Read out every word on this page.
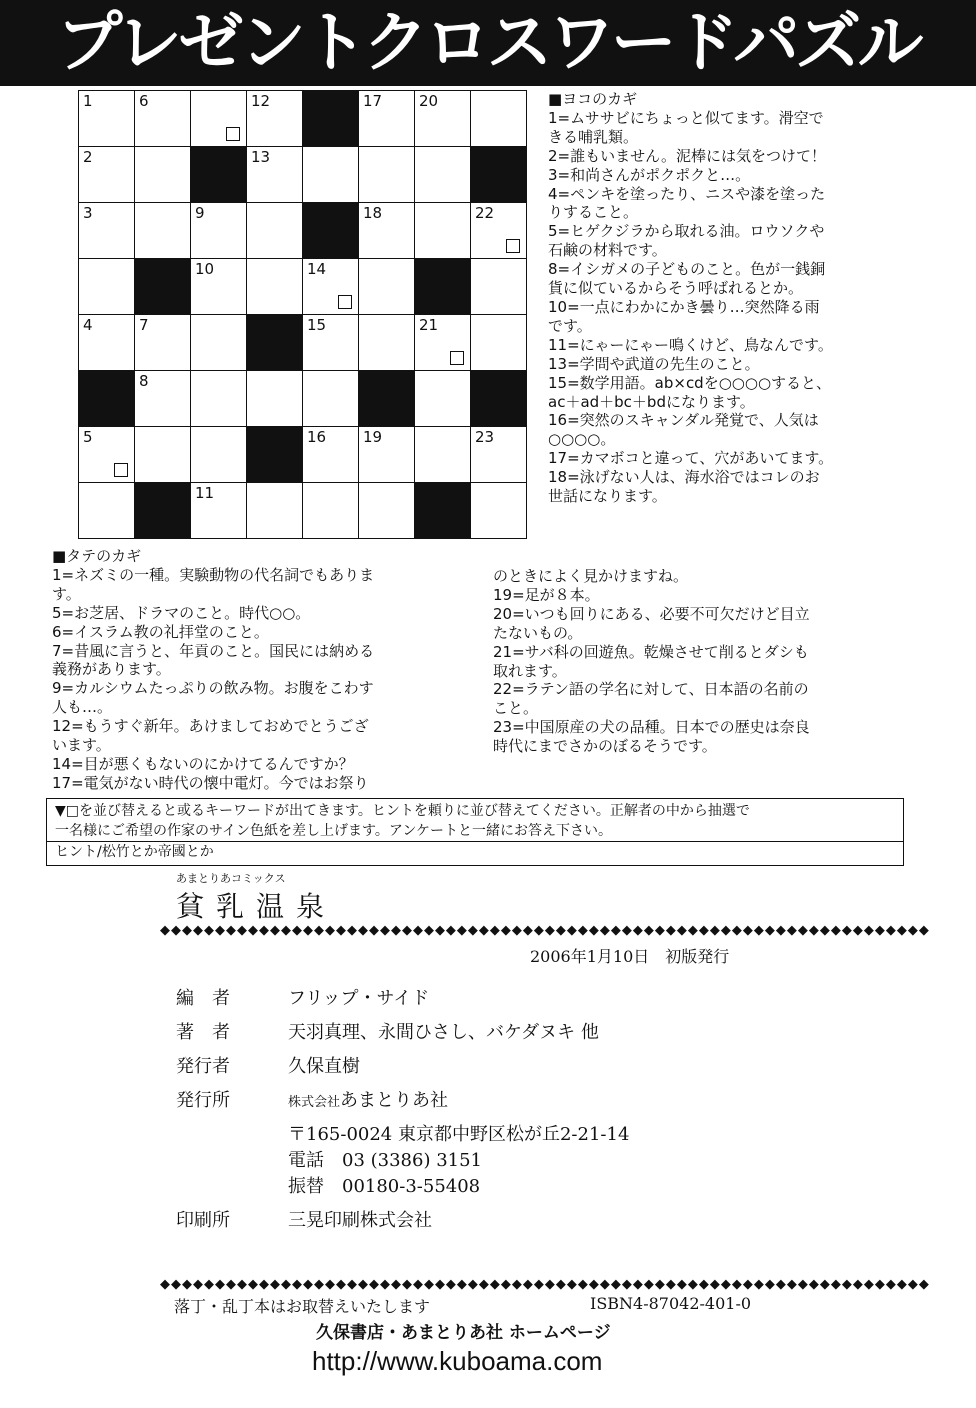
プレゼントクロスワードパズル
1	6		12		17	20	

2			13				

3		9			18		22

		10		14			

4	7			15		21	

	8						

5				16	19		23

		11					

■ヨコのカギ
1=ムササビにちょっと似てます。滑空で
きる哺乳類。
2=誰もいません。泥棒には気をつけて！
3=和尚さんがポクポクと…。
4=ペンキを塗ったり、ニスや漆を塗った
りすること。
5=ヒゲクジラから取れる油。ロウソクや
石鹸の材料です。
8=イシガメの子どものこと。色が一銭銅
貨に似ているからそう呼ばれるとか。
10=一点にわかにかき曇り…突然降る雨
です。
11=にゃーにゃー鳴くけど、鳥なんです。
13=学問や武道の先生のこと。
15=数学用語。ab×cdを○○○○すると、
ac＋ad＋bc＋bdになります。
16=突然のスキャンダル発覚で、人気は
○○○○。
17=カマボコと違って、穴があいてます。
18=泳げない人は、海水浴ではコレのお
世話になります。
■タテのカギ
1=ネズミの一種。実験動物の代名詞でもありま
す。
5=お芝居、ドラマのこと。時代○○。
6=イスラム教の礼拝堂のこと。
7=昔風に言うと、年貢のこと。国民には納める
義務があります。
9=カルシウムたっぷりの飲み物。お腹をこわす
人も…。
12=もうすぐ新年。あけましておめでとうござ
います。
14=目が悪くもないのにかけてるんですか？
17=電気がない時代の懐中電灯。今ではお祭り
のときによく見かけますね。
19=足が８本。
20=いつも回りにある、必要不可欠だけど目立
たないもの。
21=サバ科の回遊魚。乾燥させて削るとダシも
取れます。
22=ラテン語の学名に対して、日本語の名前の
こと。
23=中国原産の犬の品種。日本での歴史は奈良
時代にまでさかのぼるそうです。
▼□を並び替えると或るキーワードが出てきます。ヒントを頼りに並び替えてください。正解者の中から抽選で
一名様にご希望の作家のサイン色紙を差し上げます。アンケートと一緒にお答え下さい。
ヒント/松竹とか帝國とか
あまとりあコミックス
貧乳温泉
◆◆◆◆◆◆◆◆◆◆◆◆◆◆◆◆◆◆◆◆◆◆◆◆◆◆◆◆◆◆◆◆◆◆◆◆◆◆◆◆◆◆◆◆◆◆◆◆◆◆◆◆◆◆◆◆◆◆◆◆◆◆◆◆◆◆◆◆◆◆
2006年1月10日　初版発行
編　者	フリップ・サイド
著　者	天羽真理、永間ひさし、バケダヌキ 他
発行者	久保直樹
発行所	株式会社あまとりあ社
〒165-0024 東京都中野区松が丘2-21-14
電話　03 (3386) 3151
振替　00180-3-55408
印刷所	三晃印刷株式会社
◆◆◆◆◆◆◆◆◆◆◆◆◆◆◆◆◆◆◆◆◆◆◆◆◆◆◆◆◆◆◆◆◆◆◆◆◆◆◆◆◆◆◆◆◆◆◆◆◆◆◆◆◆◆◆◆◆◆◆◆◆◆◆◆◆◆◆◆◆◆
落丁・乱丁本はお取替えいたします	ISBN4-87042-401-0
久保書店・あまとりあ社 ホームページ
http://www.kuboama.com
